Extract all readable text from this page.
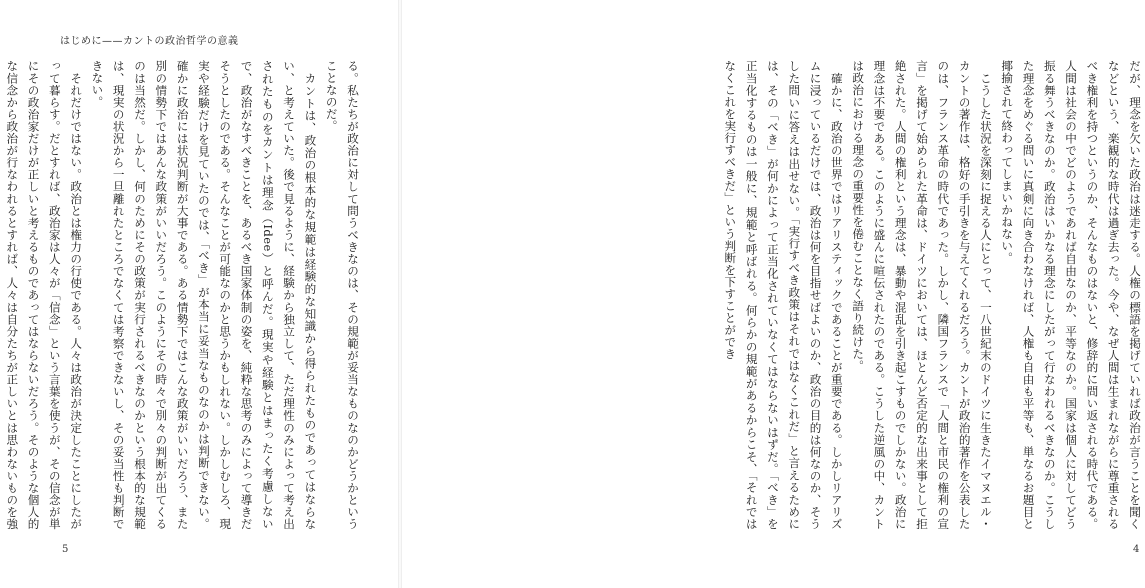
だが、理念を欠いた政治は迷走する。人権の標語を掲げていれば政治が言うことを聞くなどという、楽観的な時代は過ぎ去った。今や、なぜ人間は生まれながらに尊重されるべき権利を持つというのか、そんなものはないと、修辞的に問い返される時代である。人間は社会の中でどのようであれば自由なのか、平等なのか。国家は個人に対してどう振る舞うべきなのか。政治はいかなる理念にしたがって行なわれるべきなのか。こうした理念をめぐる問いに真剣に向き合わなければ、人権も自由も平等も、単なるお題目と揶揄されて終わってしまいかねない。
　こうした状況を深刻に捉える人にとって、一八世紀末のドイツに生きたイマヌエル・カントの著作は、格好の手引きを与えてくれるだろう。カントが政治的著作を公表したのは、フランス革命の時代であった。しかし、隣国フランスで「人間と市民の権利の宣言」を掲げて始められた革命は、ドイツにおいては、ほとんど否定的な出来事として拒絶された。人間の権利という理念は、暴動や混乱を引き起こすものでしかない。政治に理念は不要である。このように盛んに喧伝されたのである。こうした逆風の中、カントは政治における理念の重要性を倦むことなく語り続けた。
　確かに、政治の世界ではリアリスティックであることが重要である。しかしリアリズムに浸っているだけでは、政治は何を目指せばよいのか、政治の目的は何なのか、そうした問いに答えは出せない。「実行すべき政策はそれではなくこれだ」と言えるためには、その「べき」が何かによって正当化されていなくてはならないはずだ。「べき」を正当化するものは一般に、規範と呼ばれる。何らかの規範があるからこそ、「それではなくこれを実行すべきだ」という判断を下すことができ
4
はじめに——カントの政治哲学の意義
る。私たちが政治に対して問うべきなのは、その規範が妥当なものなのかどうかということなのだ。
　カントは、政治の根本的な規範は経験的な知識から得られたものであってはならない、と考えていた。後で見るように、経験から独立して、ただ理性のみによって考え出されたものをカントは理念（Idee）と呼んだ。現実や経験とはまったく考慮しないで、政治がなすべきことを、あるべき国家体制の姿を、純粋な思考のみによって導きだそうとしたのである。そんなことが可能なのかと思うかもしれない。しかしむしろ、現実や経験だけを見ていたのでは、「べき」が本当に妥当なものなのかは判断できない。確かに政治には状況判断が大事である。ある情勢下ではこんな政策がいいだろう、また別の情勢下ではあんな政策がいいだろう。このようにその時々で別々の判断が出てくるのは当然だ。しかし、何のためにその政策が実行されるべきなのかという根本的な規範は、現実の状況から一旦離れたところでなくては考察できないし、その妥当性も判断できない。
　それだけではない。政治とは権力の行使である。人々は政治が決定したことにしたがって暮らす。だとすれば、政治家は人々が「信念」という言葉を使うが、その信念が単にその政治家だけが正しいと考えるものであってはならないだろう。そのような個人的な信念から政治が行なわれるとすれば、人々は自分たちが正しいとは思わないものを強
5
